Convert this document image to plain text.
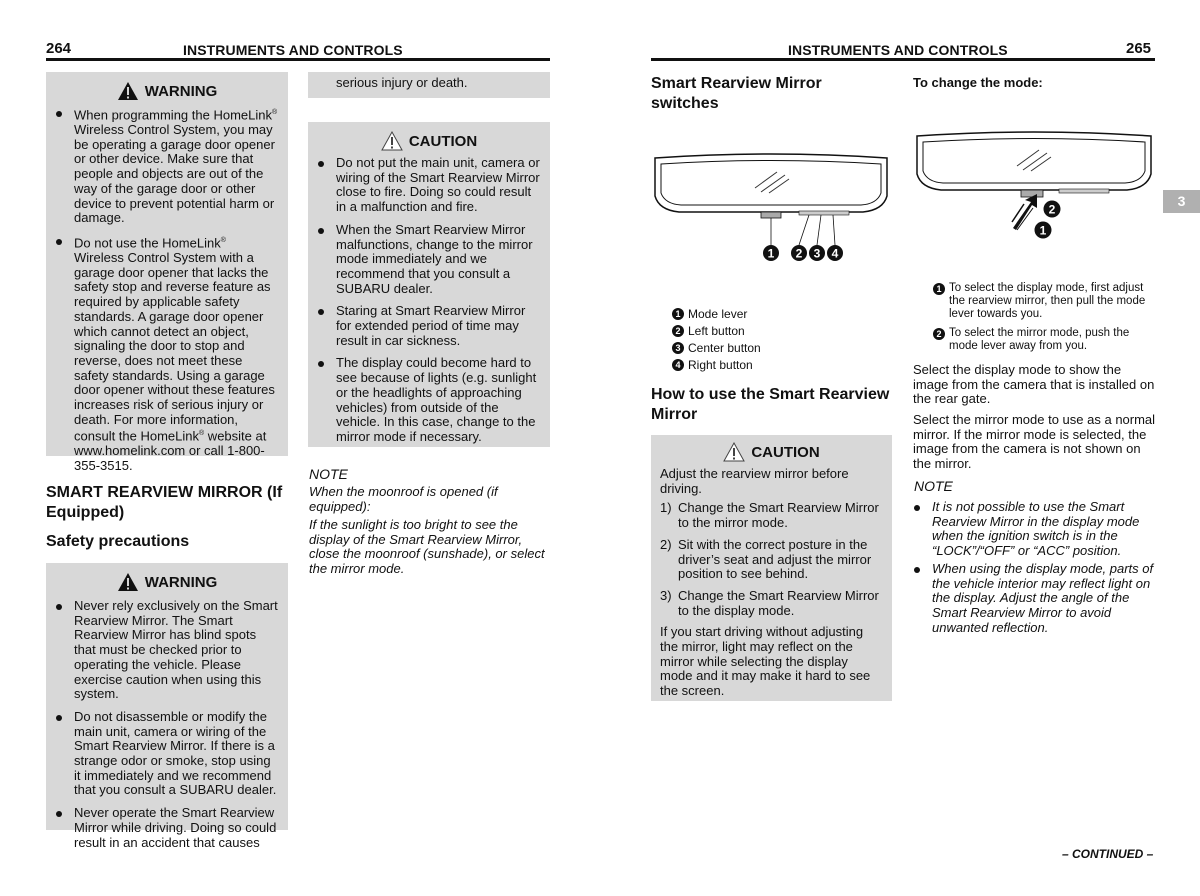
264	INSTRUMENTS AND CONTROLS
WARNING
When programming the HomeLink® Wireless Control System, you may be operating a garage door opener or other device. Make sure that people and objects are out of the way of the garage door or other device to prevent potential harm or damage.
Do not use the HomeLink® Wireless Control System with a garage door opener that lacks the safety stop and reverse feature as required by applicable safety standards. A garage door opener which cannot detect an object, signaling the door to stop and reverse, does not meet these safety standards. Using a garage door opener without these features increases risk of serious injury or death. For more information, consult the HomeLink® website at www.homelink.com or call 1-800-355-3515.
SMART REARVIEW MIRROR (If Equipped)
Safety precautions
WARNING
Never rely exclusively on the Smart Rearview Mirror. The Smart Rearview Mirror has blind spots that must be checked prior to operating the vehicle. Please exercise caution when using this system.
Do not disassemble or modify the main unit, camera or wiring of the Smart Rearview Mirror. If there is a strange odor or smoke, stop using it immediately and we recommend that you consult a SUBARU dealer.
Never operate the Smart Rearview Mirror while driving. Doing so could result in an accident that causes
serious injury or death.
CAUTION
Do not put the main unit, camera or wiring of the Smart Rearview Mirror close to fire. Doing so could result in a malfunction and fire.
When the Smart Rearview Mirror malfunctions, change to the mirror mode immediately and we recommend that you consult a SUBARU dealer.
Staring at Smart Rearview Mirror for extended period of time may result in car sickness.
The display could become hard to see because of lights (e.g. sunlight or the headlights of approaching vehicles) from outside of the vehicle. In this case, change to the mirror mode if necessary.
NOTE
When the moonroof is opened (if equipped):
If the sunlight is too bright to see the display of the Smart Rearview Mirror, close the moonroof (sunshade), or select the mirror mode.
INSTRUMENTS AND CONTROLS	265
Smart Rearview Mirror switches
1 2 3 4
1 Mode lever
2 Left button
3 Center button
4 Right button
How to use the Smart Rearview Mirror
CAUTION
Adjust the rearview mirror before driving.
1) Change the Smart Rearview Mirror to the mirror mode.
2) Sit with the correct posture in the driver’s seat and adjust the mirror position to see behind.
3) Change the Smart Rearview Mirror to the display mode.
If you start driving without adjusting the mirror, light may reflect on the mirror while selecting the display mode and it may make it hard to see the screen.
To change the mode:
2
1
1 To select the display mode, first adjust the rearview mirror, then pull the mode lever towards you.
2 To select the mirror mode, push the mode lever away from you.
Select the display mode to show the image from the camera that is installed on the rear gate.
Select the mirror mode to use as a normal mirror. If the mirror mode is selected, the image from the camera is not shown on the mirror.
NOTE
It is not possible to use the Smart Rearview Mirror in the display mode when the ignition switch is in the “LOCK”/“OFF” or “ACC” position.
When using the display mode, parts of the vehicle interior may reflect light on the display. Adjust the angle of the Smart Rearview Mirror to avoid unwanted reflection.
3
– CONTINUED –
